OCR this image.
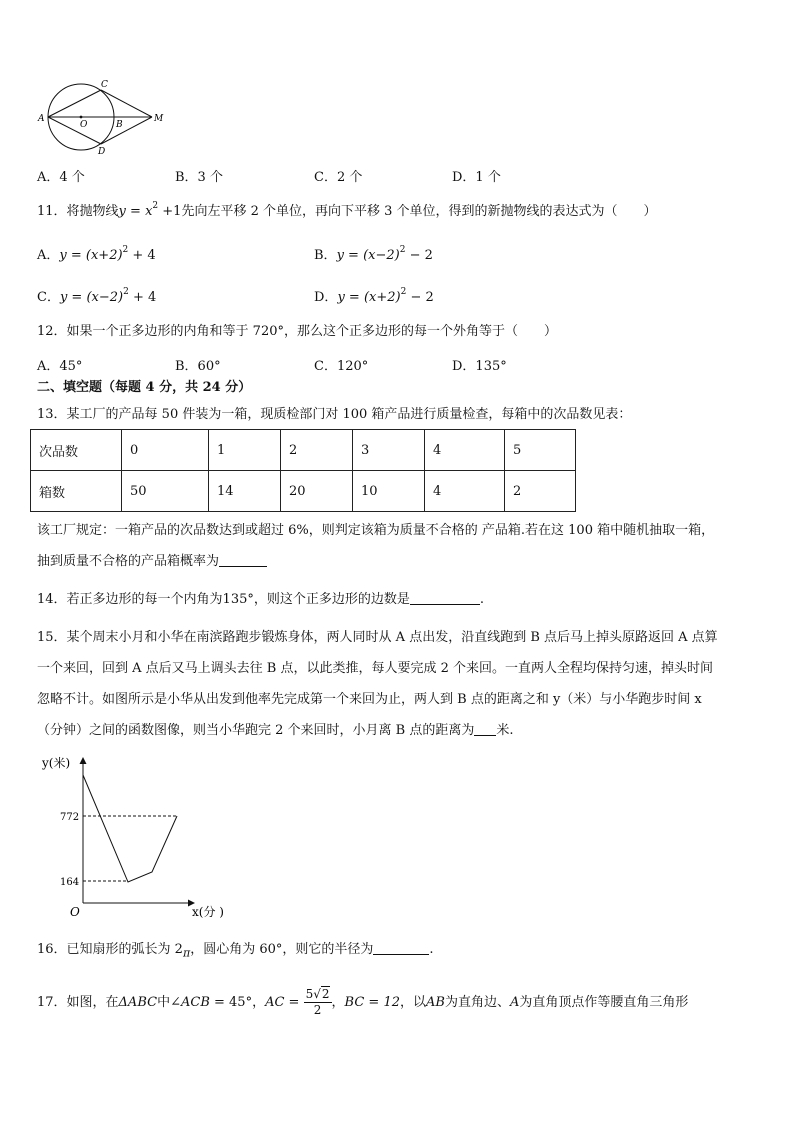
A
C
O	B
M
D
A．4 个	B．3 个	C．2 个	D．1 个
11．将抛物线$y = x^2 +1$先向左平移 2 个单位，再向下平移 3 个单位，得到的新抛物线的表达式为（　　）
A．$y = (x+2)^2 + 4$	B．$y = (x-2)^2 - 2$
C．$y = (x-2)^2 + 4$	D．$y = (x+2)^2 - 2$
12．如果一个正多边形的内角和等于 720°，那么这个正多边形的每一个外角等于（　　）
A．45°	B．60°	C．120°	D．135°
二、填空题（每题 4 分，共 24 分）
13．某工厂的产品每 50 件装为一箱，现质检部门对 100 箱产品进行质量检查，每箱中的次品数见表：
次品数	0	1	2	3	4	5
箱数	50	14	20	10	4	2
该工厂规定：一箱产品的次品数达到或超过 6%，则判定该箱为质量不合格的 产品箱.若在这 100 箱中随机抽取一箱，
抽到质量不合格的产品箱概率为
14．若正多边形的每一个内角为135°，则这个正多边形的边数是	.
15．某个周末小月和小华在南滨路跑步锻炼身体，两人同时从 A 点出发，沿直线跑到 B 点后马上掉头原路返回 A 点算
一个来回，回到 A 点后又马上调头去往 B 点，以此类推，每人要完成 2 个来回。一直两人全程均保持匀速，掉头时间
忽略不计。如图所示是小华从出发到他率先完成第一个来回为止，两人到 B 点的距离之和 y（米）与小华跑步时间 x
（分钟）之间的函数图像，则当小华跑完 2 个来回时，小月离 B 点的距离为 米.
y(米)
x(分 )
O
772
164
16．已知扇形的弧长为 $2_\pi$，圆心角为 60°，则它的半径为	.
17．如图，在ΔABC中∠ACB = 45°，AC = $\frac{5√2}{2}$ ，BC = 12，以AB为直角边、A为直角顶点作等腰直角三角形
